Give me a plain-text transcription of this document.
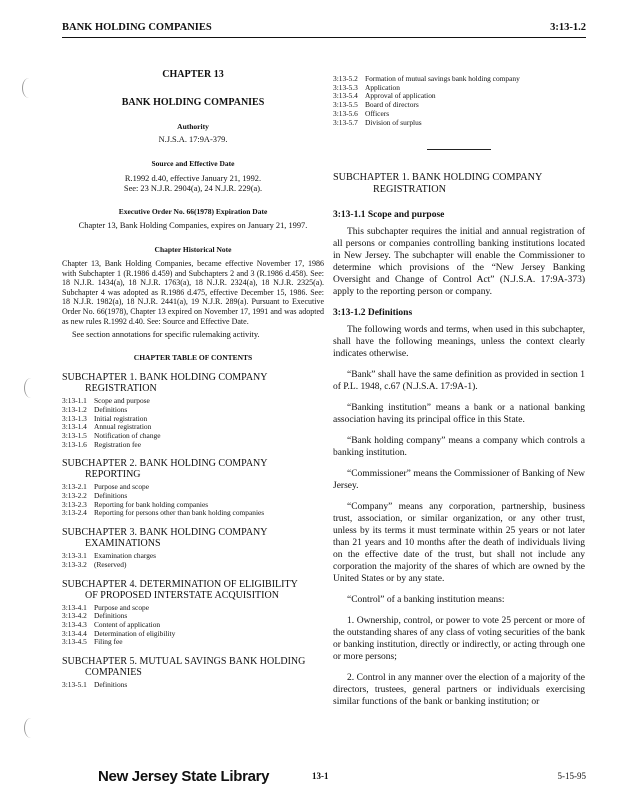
BANK HOLDING COMPANIES	3:13-1.2
CHAPTER 13
BANK HOLDING COMPANIES
Authority
N.J.S.A. 17:9A-379.
Source and Effective Date
R.1992 d.40, effective January 21, 1992.
See: 23 N.J.R. 2904(a), 24 N.J.R. 229(a).
Executive Order No. 66(1978) Expiration Date
Chapter 13, Bank Holding Companies, expires on January 21, 1997.
Chapter Historical Note
Chapter 13, Bank Holding Companies, became effective November 17, 1986 with Subchapter 1 (R.1986 d.459) and Subchapters 2 and 3 (R.1986 d.458). See: 18 N.J.R. 1434(a), 18 N.J.R. 1763(a), 18 N.J.R. 2324(a), 18 N.J.R. 2325(a). Subchapter 4 was adopted as R.1986 d.475, effective December 15, 1986. See: 18 N.J.R. 1982(a), 18 N.J.R. 2441(a), 19 N.J.R. 289(a). Pursuant to Executive Order No. 66(1978), Chapter 13 expired on November 17, 1991 and was adopted as new rules R.1992 d.40. See: Source and Effective Date.
See section annotations for specific rulemaking activity.
CHAPTER TABLE OF CONTENTS
SUBCHAPTER 1. BANK HOLDING COMPANY
REGISTRATION
3:13-1.1 Scope and purpose
3:13-1.2 Definitions
3:13-1.3 Initial registration
3:13-1.4 Annual registration
3:13-1.5 Notification of change
3:13-1.6 Registration fee
SUBCHAPTER 2. BANK HOLDING COMPANY
REPORTING
3:13-2.1 Purpose and scope
3:13-2.2 Definitions
3:13-2.3 Reporting for bank holding companies
3:13-2.4 Reporting for persons other than bank holding companies
SUBCHAPTER 3. BANK HOLDING COMPANY
EXAMINATIONS
3:13-3.1 Examination charges
3:13-3.2 (Reserved)
SUBCHAPTER 4. DETERMINATION OF ELIGIBILITY
OF PROPOSED INTERSTATE ACQUISITION
3:13-4.1 Purpose and scope
3:13-4.2 Definitions
3:13-4.3 Content of application
3:13-4.4 Determination of eligibility
3:13-4.5 Filing fee
SUBCHAPTER 5. MUTUAL SAVINGS BANK HOLDING
COMPANIES
3:13-5.1 Definitions
3:13-5.2 Formation of mutual savings bank holding company
3:13-5.3 Application
3:13-5.4 Approval of application
3:13-5.5 Board of directors
3:13-5.6 Officers
3:13-5.7 Division of surplus
SUBCHAPTER 1. BANK HOLDING COMPANY
REGISTRATION
3:13-1.1 Scope and purpose

This subchapter requires the initial and annual registration of all persons or companies controlling banking institutions located in New Jersey. The subchapter will enable the Commissioner to determine which provisions of the “New Jersey Banking Oversight and Change of Control Act” (N.J.S.A. 17:9A-373) apply to the reporting person or company.

3:13-1.2 Definitions

The following words and terms, when used in this subchapter, shall have the following meanings, unless the context clearly indicates otherwise.

“Bank” shall have the same definition as provided in section 1 of P.L. 1948, c.67 (N.J.S.A. 17:9A-1).

“Banking institution” means a bank or a national banking association having its principal office in this State.

“Bank holding company” means a company which controls a banking institution.

“Commissioner” means the Commissioner of Banking of New Jersey.

“Company” means any corporation, partnership, business trust, association, or similar organization, or any other trust, unless by its terms it must terminate within 25 years or not later than 21 years and 10 months after the death of individuals living on the effective date of the trust, but shall not include any corporation the majority of the shares of which are owned by the United States or by any state.

“Control” of a banking institution means:

1. Ownership, control, or power to vote 25 percent or more of the outstanding shares of any class of voting securities of the bank or banking institution, directly or indirectly, or acting through one or more persons;

2. Control in any manner over the election of a majority of the directors, trustees, general partners or individuals exercising similar functions of the bank or banking institution; or

New Jersey State Library	13-1	5-15-95
